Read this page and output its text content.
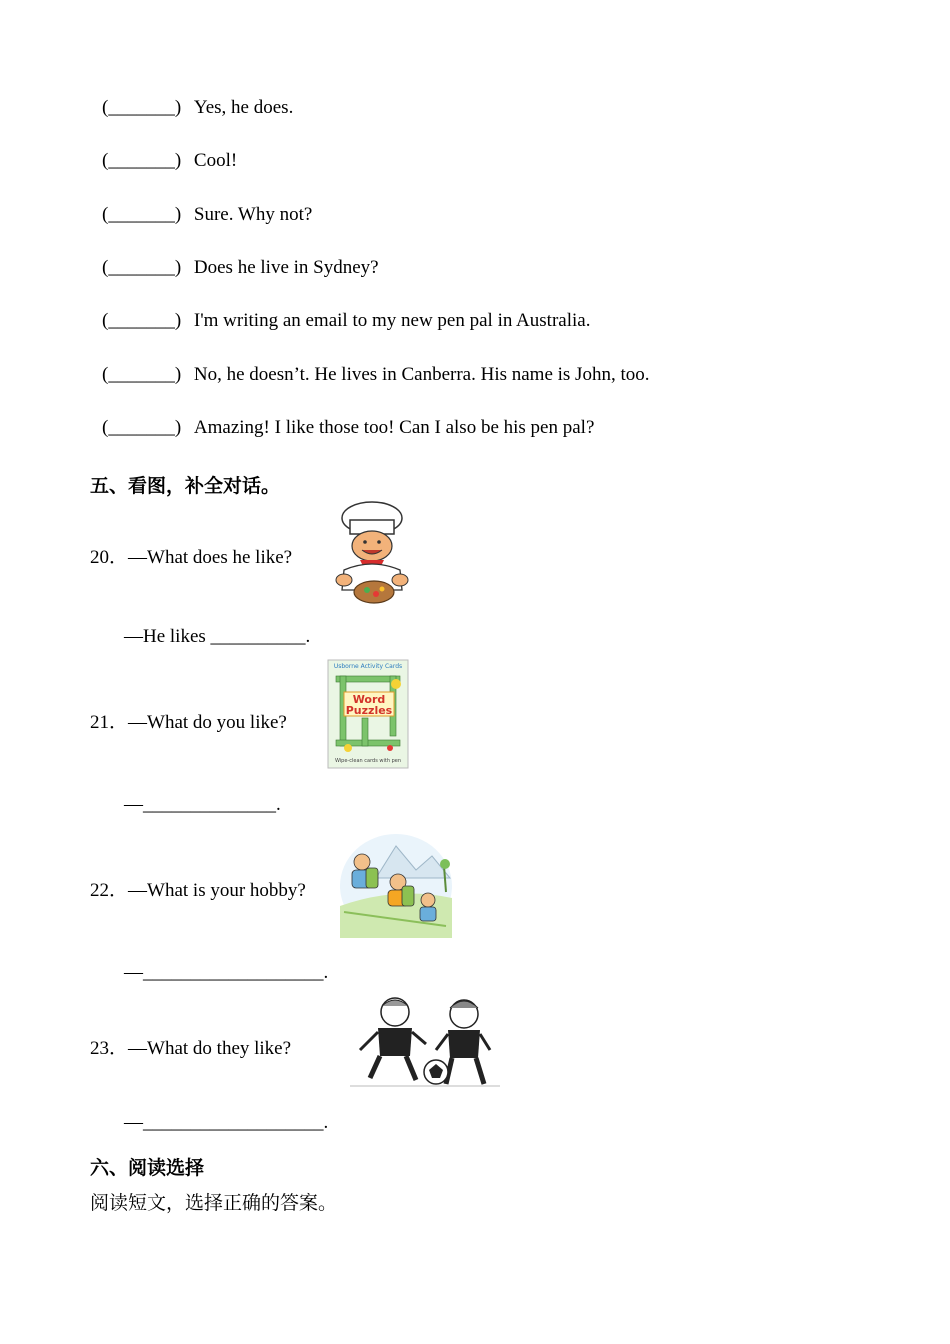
(_______) Yes, he does.
(_______) Cool!
(_______) Sure. Why not?
(_______) Does he live in Sydney?
(_______) I'm writing an email to my new pen pal in Australia.
(_______) No, he doesn’t. He lives in Canberra. His name is John, too.
(_______) Amazing! I like those too! Can I also be his pen pal?
五、看图，补全对话。
20．—What does he like?
—He likes __________.
21．—What do you like?
Usborne Activity Cards
Word
Puzzles
Wipe-clean cards with pen
—______________.
22．—What is your hobby?
—___________________.
23．—What do they like?
—___________________.
六、阅读选择
阅读短文，选择正确的答案。
